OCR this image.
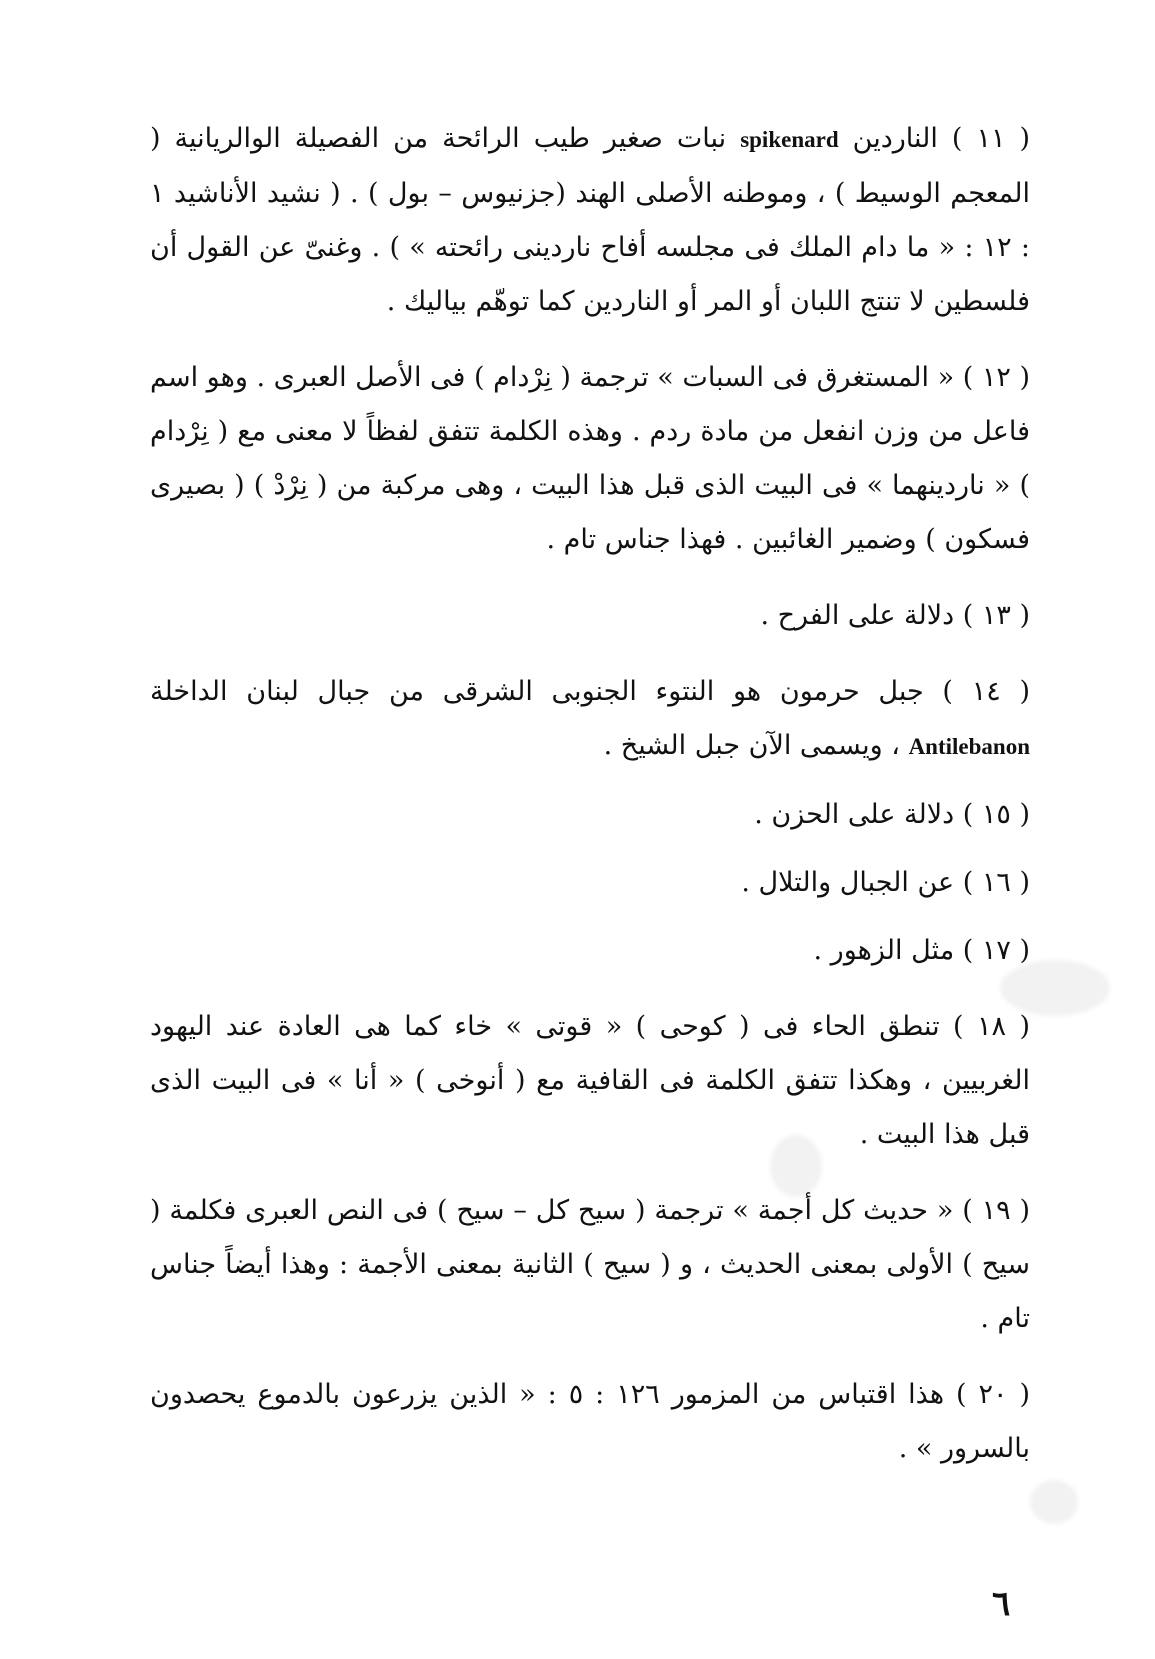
( ١١ ) الناردين spikenard نبات صغير طيب الرائحة من الفصيلة الوالريانية ( المعجم الوسيط ) ، وموطنه الأصلى الهند (جزنيوس – بول ) . ( نشيد الأناشيد ١ : ١٢ : « ما دام الملك فى مجلسه أفاح ناردينى رائحته » ) . وغنىّ عن القول أن فلسطين لا تنتج اللبان أو المر أو الناردين كما توهّم بياليك .

( ١٢ ) « المستغرق فى السبات » ترجمة ( نِرْدام ) فى الأصل العبرى . وهو اسم فاعل من وزن انفعل من مادة ردم . وهذه الكلمة تتفق لفظاً لا معنى مع ( نِرْدام ) « ناردينهما » فى البيت الذى قبل هذا البيت ، وهى مركبة من ( نِرْدْ ) ( بصيرى فسكون ) وضمير الغائبين . فهذا جناس تام .

( ١٣ ) دلالة على الفرح .

( ١٤ ) جبل حرمون هو النتوء الجنوبى الشرقى من جبال لبنان الداخلة Antilebanon ، ويسمى الآن جبل الشيخ .

( ١٥ ) دلالة على الحزن .

( ١٦ ) عن الجبال والتلال .

( ١٧ ) مثل الزهور .

( ١٨ ) تنطق الحاء فى ( كوحى ) « قوتى » خاء كما هى العادة عند اليهود الغربيين ، وهكذا تتفق الكلمة فى القافية مع ( أنوخى ) « أنا » فى البيت الذى قبل هذا البيت .

( ١٩ ) « حديث كل أجمة » ترجمة ( سيح كل – سيح ) فى النص العبرى فكلمة ( سيح ) الأولى بمعنى الحديث ، و ( سيح ) الثانية بمعنى الأجمة : وهذا أيضاً جناس تام .

( ٢٠ ) هذا اقتباس من المزمور ١٢٦ : ٥ : « الذين يزرعون بالدموع يحصدون بالسرور » .

٦
